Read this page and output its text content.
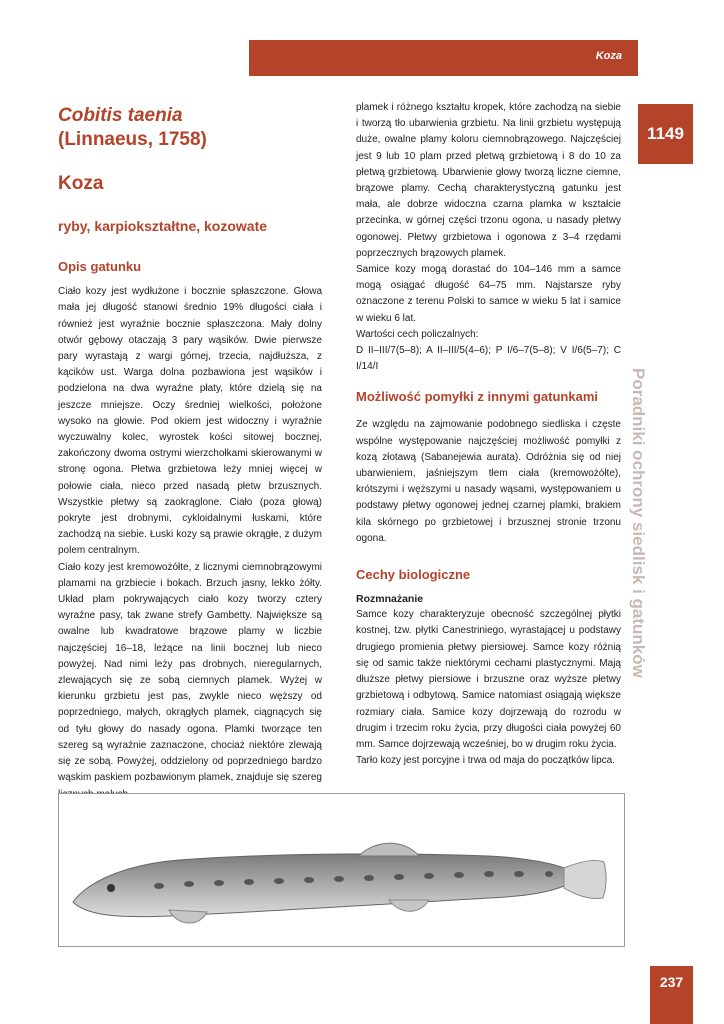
Koza
1149
Poradniki ochrony siedlisk i gatunków
237
Cobitis taenia
(Linnaeus, 1758)
Koza
ryby, karpiokształtne, kozowate
Opis gatunku

Ciało kozy jest wydłużone i bocznie spłaszczone. Głowa mała jej długość stanowi średnio 19% długości ciała i również jest wyraźnie bocznie spłaszczona. Mały dolny otwór gębowy otaczają 3 pary wąsików. Dwie pierwsze pary wyrastają z wargi górnej, trzecia, najdłuższa, z kącików ust. Warga dolna pozbawiona jest wąsików i podzielona na dwa wyraźne płaty, które dzielą się na jeszcze mniejsze. Oczy średniej wielkości, położone wysoko na głowie. Pod okiem jest widoczny i wyraźnie wyczuwalny kolec, wyrostek kości sitowej bocznej, zakończony dwoma ostrymi wierzchołkami skierowanymi w stronę ogona. Płetwa grzbietowa leży mniej więcej w połowie ciała, nieco przed nasadą płetw brzusznych. Wszystkie płetwy są zaokrąglone. Ciało (poza głową) pokryte jest drobnymi, cykloidalnymi łuskami, które zachodzą na siebie. Łuski kozy są prawie okrągłe, z dużym polem centralnym.

Ciało kozy jest kremowożółte, z licznymi ciemnobrązowymi plamami na grzbiecie i bokach. Brzuch jasny, lekko żółty. Układ plam pokrywających ciało kozy tworzy cztery wyraźne pasy, tak zwane strefy Gambetty. Największe są owalne lub kwadratowe brązowe plamy w liczbie najczęściej 16–18, leżące na linii bocznej lub nieco powyżej. Nad nimi leży pas drobnych, nieregularnych, zlewających się ze sobą ciemnych plamek. Wyżej w kierunku grzbietu jest pas, zwykle nieco węższy od poprzedniego, małych, okrągłych plamek, ciągnących się od tyłu głowy do nasady ogona. Plamki tworzące ten szereg są wyraźnie zaznaczone, chociaż niektóre zlewają się ze sobą. Powyżej, oddzielony od poprzedniego bardzo wąskim paskiem pozbawionym plamek, znajduje się szereg

plamek i różnego kształtu kropek, które zachodzą na siebie i tworzą tło ubarwienia grzbietu. Na linii grzbietu występują duże, owalne plamy koloru ciemnobrązowego. Najczęściej jest 9 lub 10 plam przed płetwą grzbietową i 8 do 10 za płetwą grzbietową. Ubarwienie głowy tworzą liczne ciemne, brązowe plamy. Cechą charakterystyczną gatunku jest mała, ale dobrze widoczna czarna plamka w kształcie przecinka, w górnej części trzonu ogona, u nasady płetwy ogonowej. Płetwy grzbietowa i ogonowa z 3–4 rzędami poprzecznych brązowych plamek.

Samice kozy mogą dorastać do 104–146 mm a samce mogą osiągać długość 64–75 mm. Najstarsze ryby oznaczone z terenu Polski to samce w wieku 5 lat i samice w wieku 6 lat.

Wartości cech policzalnych:

D II–III/7(5–8); A II–III/5(4–6); P I/6–7(5–8); V I/6(5–7); C I/14/I

Możliwość pomyłki z innymi gatunkami

Ze względu na zajmowanie podobnego siedliska i częste wspólne występowanie najczęściej możliwość pomyłki z kozą złotawą (Sabanejewia aurata). Odróżnia się od niej ubarwieniem, jaśniejszym tłem ciała (kremowożółte), krótszymi i węższymi u nasady wąsami, występowaniem u podstawy płetwy ogonowej jednej czarnej plamki, brakiem kila skórnego po grzbietowej i brzusznej stronie trzonu ogona.

Cechy biologiczne
Rozmnażanie

Samce kozy charakteryzuje obecność szczególnej płytki kostnej, tzw. płytki Canestriniego, wyrastającej u podstawy drugiego promienia płetwy piersiowej. Samce kozy różnią się od samic także niektórymi cechami plastycznymi. Mają dłuższe płetwy piersiowe i brzuszne oraz wyższe płetwy grzbietową i odbytową. Samice natomiast osiągają większe rozmiary ciała. Samice kozy dojrzewają do rozrodu w drugim i trzecim roku życia, przy długości ciała powyżej 60 mm. Samce dojrzewają wcześniej, bo w drugim roku życia.

Tarło kozy jest porcyjne i trwa od maja do początków lipca.
